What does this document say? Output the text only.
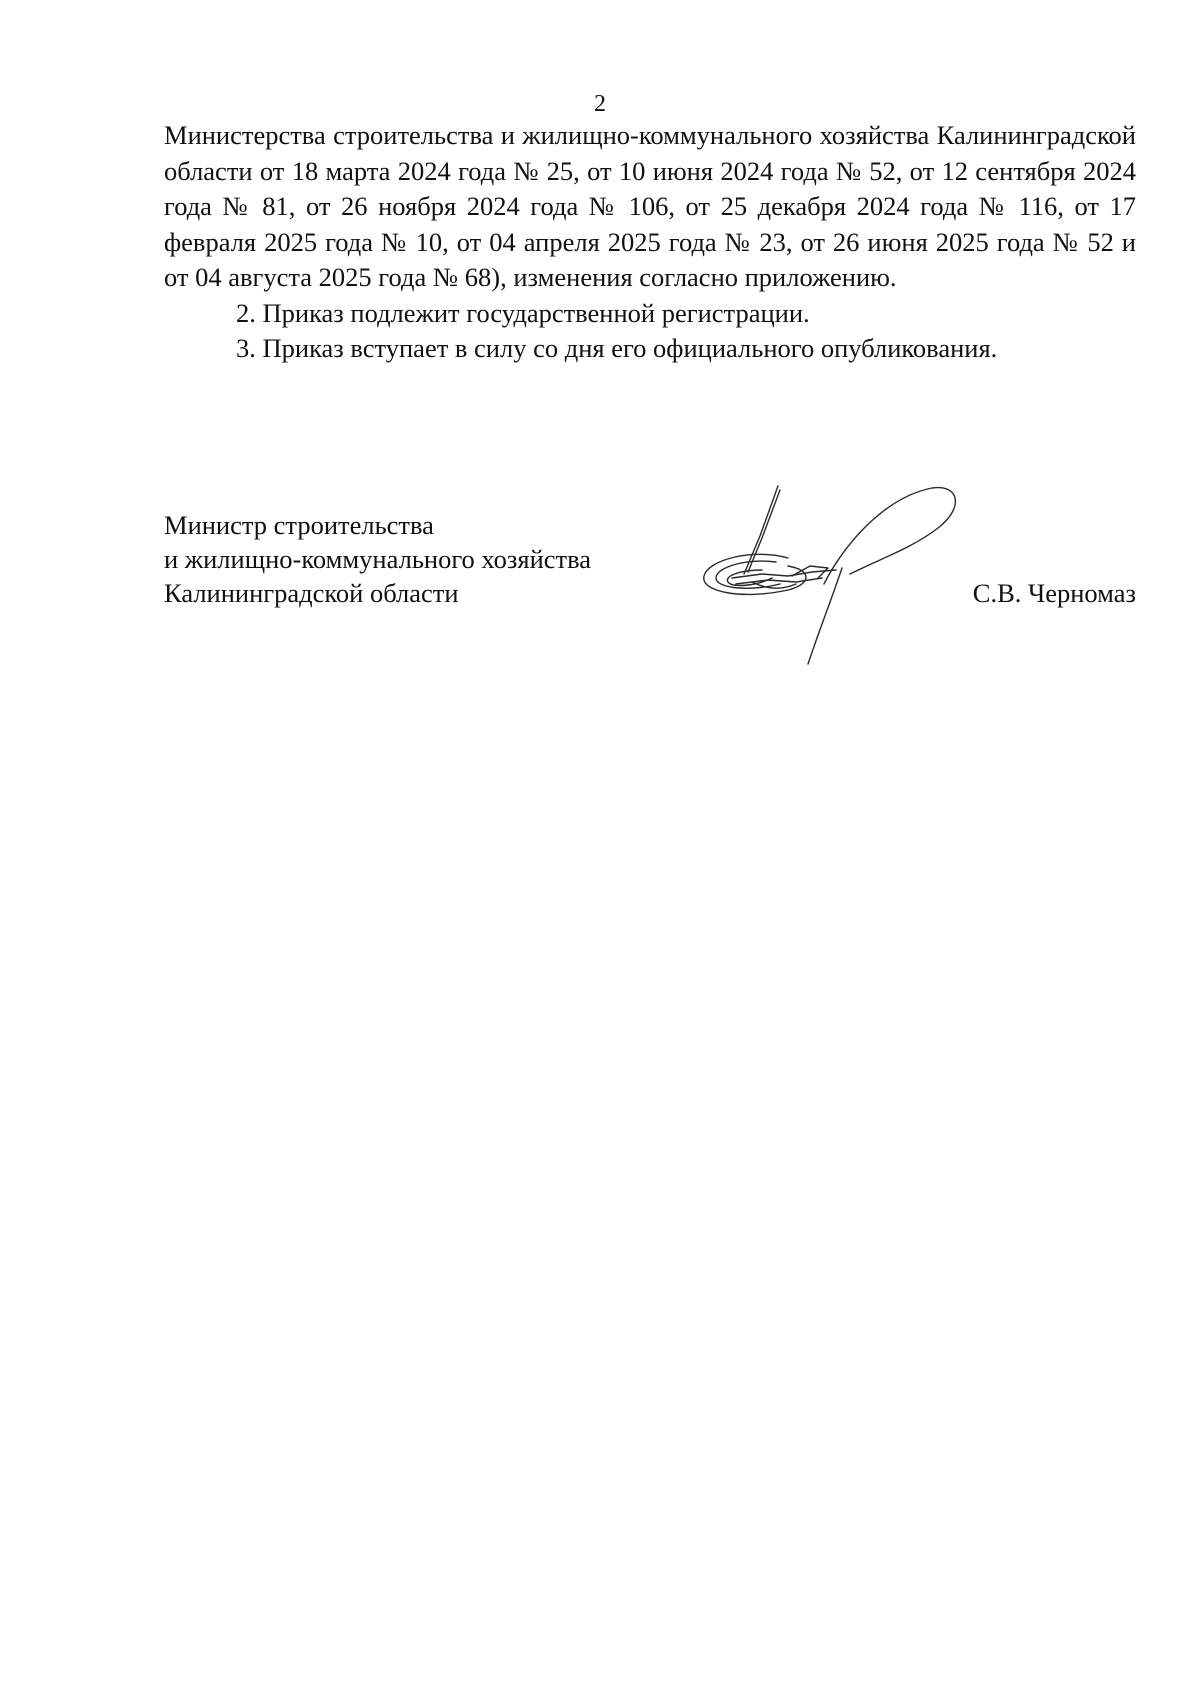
2

Министерства строительства и жилищно-коммунального хозяйства Калининградской области от 18 марта 2024 года № 25, от 10 июня 2024 года № 52, от 12 сентября 2024 года № 81, от 26 ноября 2024 года № 106, от 25 декабря 2024 года № 116, от 17 февраля 2025 года № 10, от 04 апреля 2025 года № 23, от 26 июня 2025 года № 52 и от 04 августа 2025 года № 68), изменения согласно приложению.

2. Приказ подлежит государственной регистрации.

3. Приказ вступает в силу со дня его официального опубликования.

Министр строительства
и жилищно-коммунального хозяйства
Калининградской области	С.В. Черномаз
